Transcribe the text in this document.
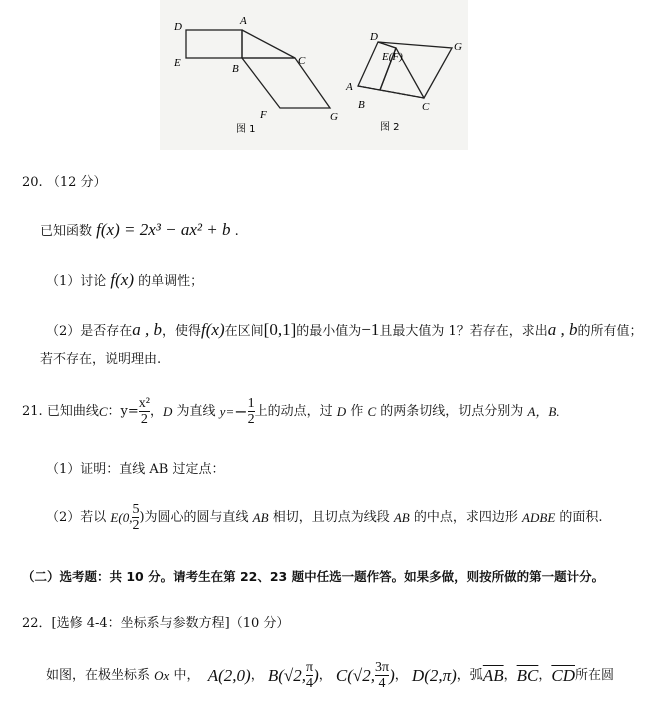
D	A
E	B
C
F	G
图 1
D
E(F)
G
A
B	C
图 2
20. （12 分）
已知函数 f(x) = 2x³ − ax² + b .
（1）讨论 f(x) 的单调性；
（2）是否存在a , b，使得f(x)在区间[0,1]的最小值为−1且最大值为 1？若存在，求出a , b的所有值；
若不存在，说明理由.
21.
已知曲线 C ：$y= \frac{\text{x²}}{2}$ ， D
为直线
$y= - \frac{1}{2}$ 上的动点，过
D
作
C
的两条切线，切点分别为
A，B.
（1）证明：直线 AB 过定点：
（2）若以
E(0, $\frac{5}{2}$ )为圆心的圆与直线
AB
相切，且切点为线段
AB
的中点，求四边形
ADBE
的面积.
（二）选考题：共 10 分。请考生在第 22、23 题中任选一题作答。如果多做，则按所做的第一题计分。
22．[选修 4-4：坐标系与参数方程]（10 分）
如图，在极坐标系
Ox
中，
A(2,0) ，
B(√2, $\frac{\pi}{4}$ ) ，
C(√2, $\frac{3\pi}{4}$ ) ，
D(2,π) ，弧 $\overline{AB}$ ， $\overline{BC}$ ， $\overline{CD}$ 所在圆
